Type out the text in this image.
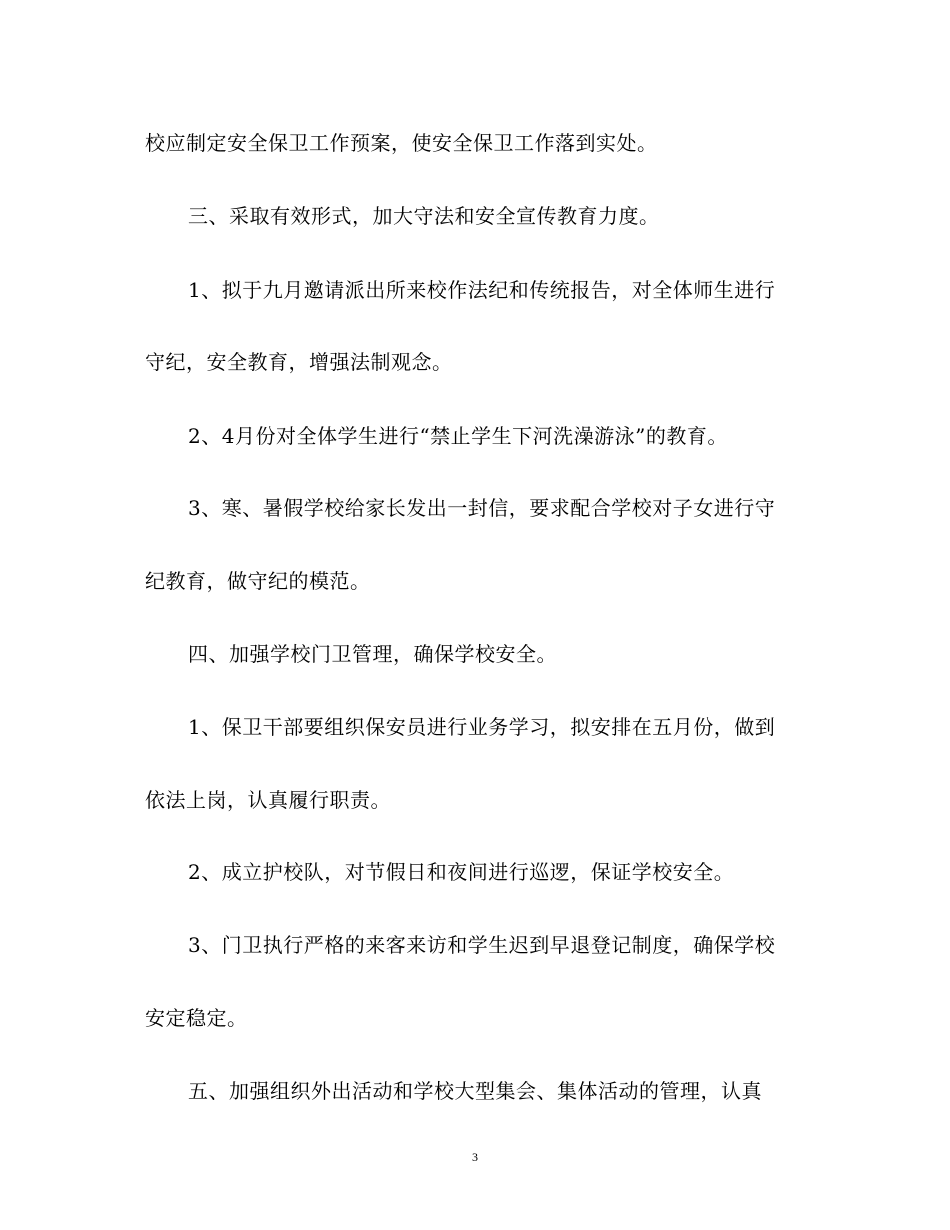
校应制定安全保卫工作预案，使安全保卫工作落到实处。
三、采取有效形式，加大守法和安全宣传教育力度。
1、拟于九月邀请派出所来校作法纪和传统报告，对全体师生进行
守纪，安全教育，增强法制观念。
2、4月份对全体学生进行“禁止学生下河洗澡游泳”的教育。
3、寒、暑假学校给家长发出一封信，要求配合学校对子女进行守
纪教育，做守纪的模范。
四、加强学校门卫管理，确保学校安全。
1、保卫干部要组织保安员进行业务学习，拟安排在五月份，做到
依法上岗，认真履行职责。
2、成立护校队，对节假日和夜间进行巡逻，保证学校安全。
3、门卫执行严格的来客来访和学生迟到早退登记制度，确保学校
安定稳定。
五、加强组织外出活动和学校大型集会、集体活动的管理，认真
3
